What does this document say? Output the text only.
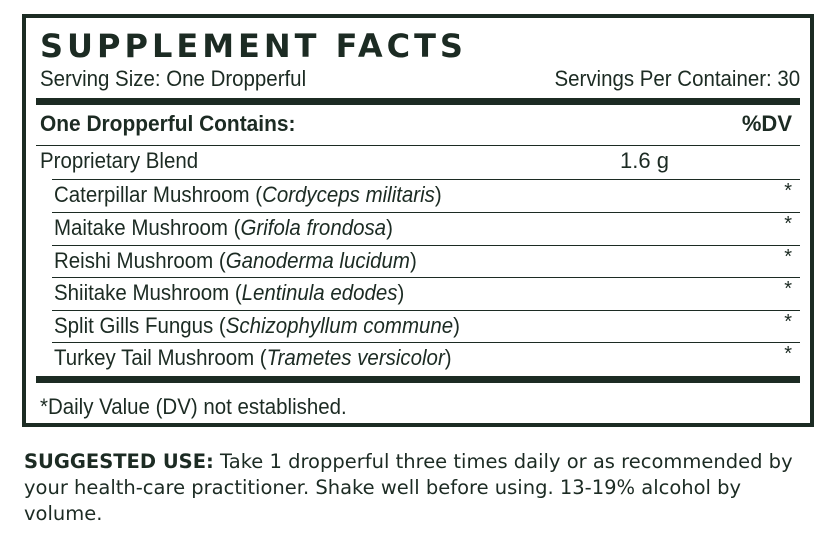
SUPPLEMENT FACTS
Serving Size: One Dropperful	Servings Per Container: 30
One Dropperful Contains:	%DV
Proprietary Blend	1.6 g
Caterpillar Mushroom (Cordyceps militaris)	*
Maitake Mushroom (Grifola frondosa)	*
Reishi Mushroom (Ganoderma lucidum)	*
Shiitake Mushroom (Lentinula edodes)	*
Split Gills Fungus (Schizophyllum commune)	*
Turkey Tail Mushroom (Trametes versicolor)	*
*Daily Value (DV) not established.
SUGGESTED USE: Take 1 dropperful three times daily or as recommended by your health-care practitioner. Shake well before using. 13-19% alcohol by volume.
